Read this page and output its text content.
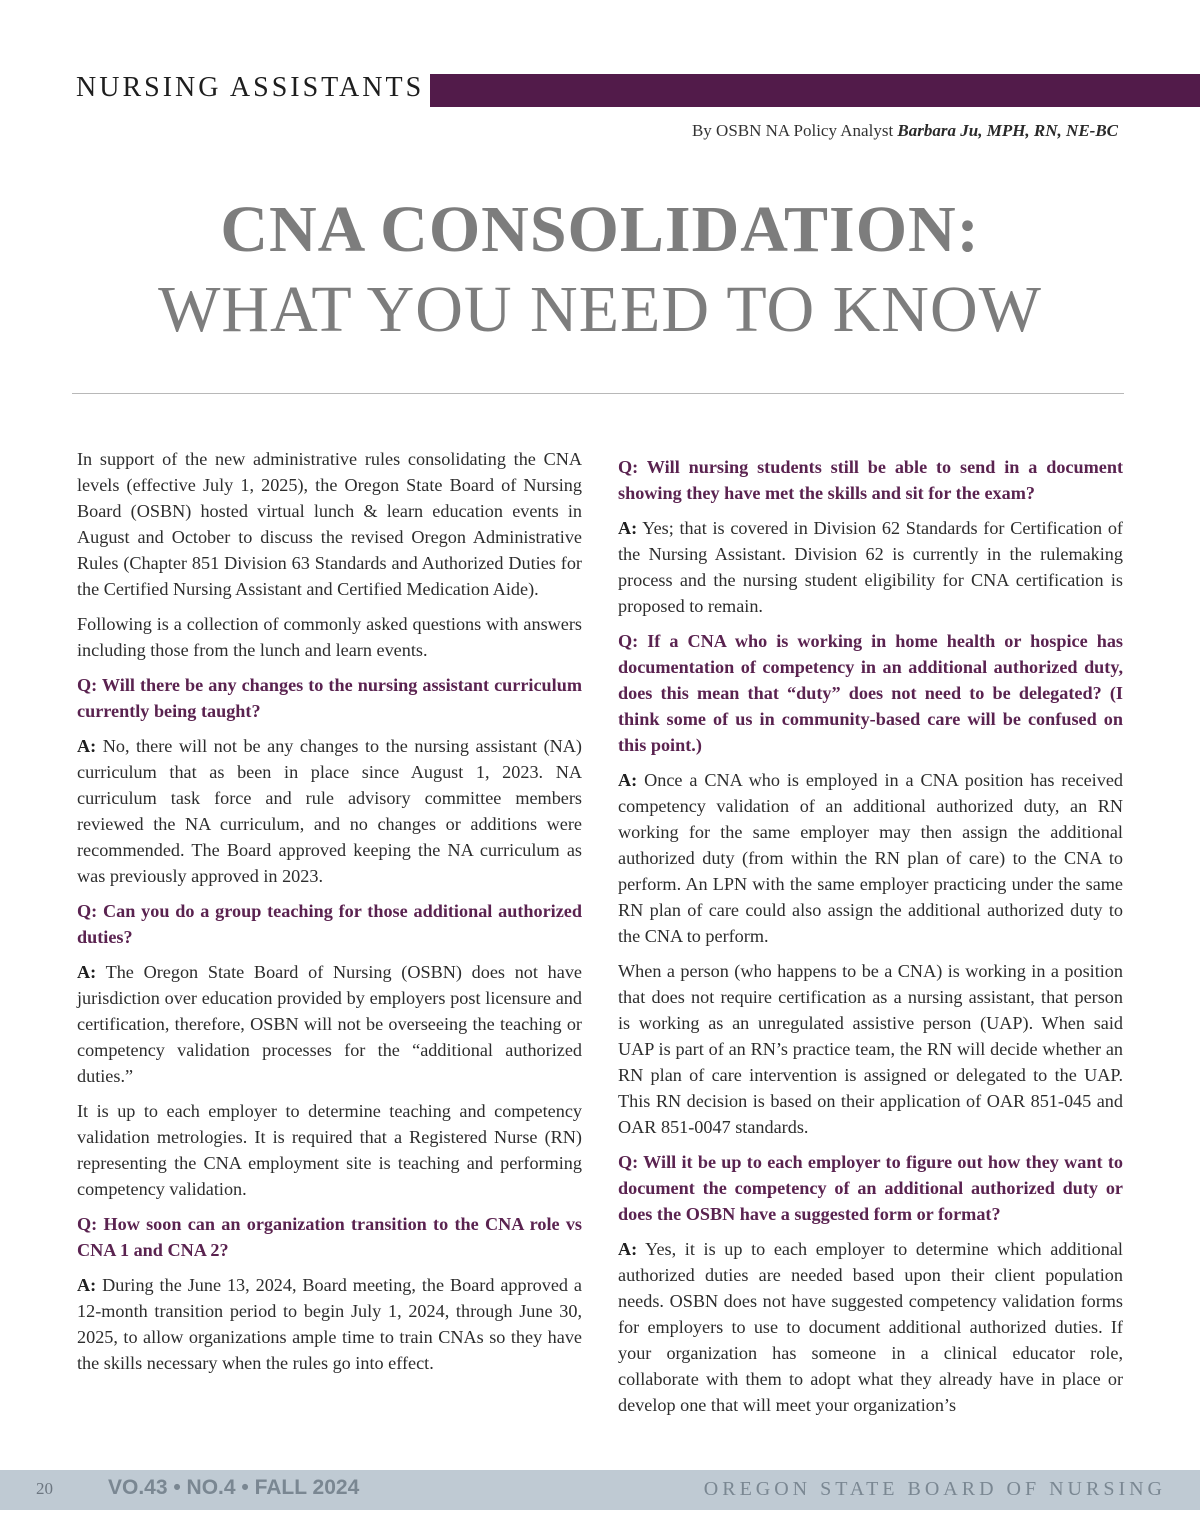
NURSING ASSISTANTS
By OSBN NA Policy Analyst Barbara Ju, MPH, RN, NE-BC
CNA CONSOLIDATION:
WHAT YOU NEED TO KNOW

In support of the new administrative rules consolidating the CNA levels (effective July 1, 2025), the Oregon State Board of Nursing Board (OSBN) hosted virtual lunch & learn education events in August and October to discuss the revised Oregon Administrative Rules (Chapter 851 Division 63 Standards and Authorized Duties for the Certified Nursing Assistant and Certified Medication Aide).

Following is a collection of commonly asked questions with answers including those from the lunch and learn events.

Q: Will there be any changes to the nursing assistant curriculum currently being taught?

A: No, there will not be any changes to the nursing assistant (NA) curriculum that as been in place since August 1, 2023. NA curriculum task force and rule advisory committee members reviewed the NA curriculum, and no changes or additions were recommended. The Board approved keeping the NA curriculum as was previously approved in 2023.

Q: Can you do a group teaching for those additional authorized duties?

A: The Oregon State Board of Nursing (OSBN) does not have jurisdiction over education provided by employers post licensure and certification, therefore, OSBN will not be overseeing the teaching or competency validation processes for the “additional authorized duties.”

It is up to each employer to determine teaching and competency validation metrologies. It is required that a Registered Nurse (RN) representing the CNA employment site is teaching and performing competency validation.

Q: How soon can an organization transition to the CNA role vs CNA 1 and CNA 2?

A: During the June 13, 2024, Board meeting, the Board approved a 12-month transition period to begin July 1, 2024, through June 30, 2025, to allow organizations ample time to train CNAs so they have the skills necessary when the rules go into effect.

Q: Will nursing students still be able to send in a document showing they have met the skills and sit for the exam?

A: Yes; that is covered in Division 62 Standards for Certification of the Nursing Assistant. Division 62 is currently in the rulemaking process and the nursing student eligibility for CNA certification is proposed to remain.

Q: If a CNA who is working in home health or hospice has documentation of competency in an additional authorized duty, does this mean that “duty” does not need to be delegated? (I think some of us in community-based care will be confused on this point.)

A: Once a CNA who is employed in a CNA position has received competency validation of an additional authorized duty, an RN working for the same employer may then assign the additional authorized duty (from within the RN plan of care) to the CNA to perform. An LPN with the same employer practicing under the same RN plan of care could also assign the additional authorized duty to the CNA to perform.

When a person (who happens to be a CNA) is working in a position that does not require certification as a nursing assistant, that person is working as an unregulated assistive person (UAP). When said UAP is part of an RN’s practice team, the RN will decide whether an RN plan of care intervention is assigned or delegated to the UAP. This RN decision is based on their application of OAR 851-045 and OAR 851-0047 standards.

Q: Will it be up to each employer to figure out how they want to document the competency of an additional authorized duty or does the OSBN have a suggested form or format?

A: Yes, it is up to each employer to determine which additional authorized duties are needed based upon their client population needs. OSBN does not have suggested competency validation forms for employers to use to document additional authorized duties. If your organization has someone in a clinical educator role, collaborate with them to adopt what they already have in place or develop one that will meet your organization’s

20	VO.43 • NO.4 • FALL 2024	OREGON STATE BOARD OF NURSING
